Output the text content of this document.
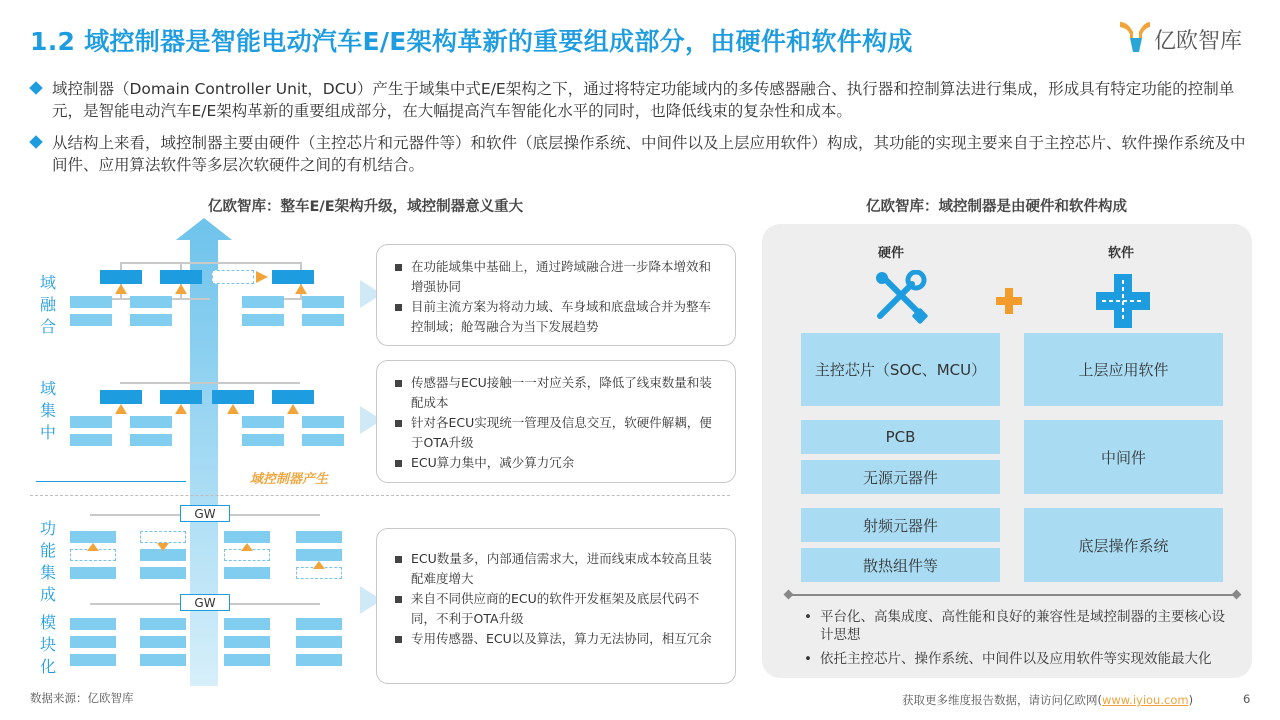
1.2 域控制器是智能电动汽车E/E架构革新的重要组成部分，由硬件和软件构成	亿欧智库
域控制器（Domain Controller Unit，DCU）产生于域集中式E/E架构之下，通过将特定功能域内的多传感器融合、执行器和控制算法进行集成，形成具有特定功能的控制单元，是智能电动汽车E/E架构革新的重要组成部分，在大幅提高汽车智能化水平的同时，也降低线束的复杂性和成本。
从结构上来看，域控制器主要由硬件（主控芯片和元器件等）和软件（底层操作系统、中间件以及上层应用软件）构成，其功能的实现主要来自于主控芯片、软件操作系统及中间件、应用算法软件等多层次软硬件之间的有机结合。
亿欧智库：整车E/E架构升级，域控制器意义重大
域融合
域集中
功能集成
模块化
域控制器产生
GW
GW
在功能域集中基础上，通过跨域融合进一步降本增效和增强协同
目前主流方案为将动力域、车身域和底盘域合并为整车控制域；舱驾融合为当下发展趋势
传感器与ECU接触一一对应关系，降低了线束数量和装配成本
针对各ECU实现统一管理及信息交互，软硬件解耦，便于OTA升级
ECU算力集中，减少算力冗余
ECU数量多，内部通信需求大，进而线束成本较高且装配难度增大
来自不同供应商的ECU的软件开发框架及底层代码不同，不利于OTA升级
专用传感器、ECU以及算法，算力无法协同，相互冗余
亿欧智库：域控制器是由硬件和软件构成
硬件	软件
主控芯片（SOC、MCU）
PCB
无源元器件
射频元器件
散热组件等
上层应用软件
中间件
底层操作系统
• 平台化、高集成度、高性能和良好的兼容性是域控制器的主要核心设计思想
• 依托主控芯片、操作系统、中间件以及应用软件等实现效能最大化
数据来源：亿欧智库	获取更多维度报告数据，请访问亿欧网(www.iyiou.com)	6
